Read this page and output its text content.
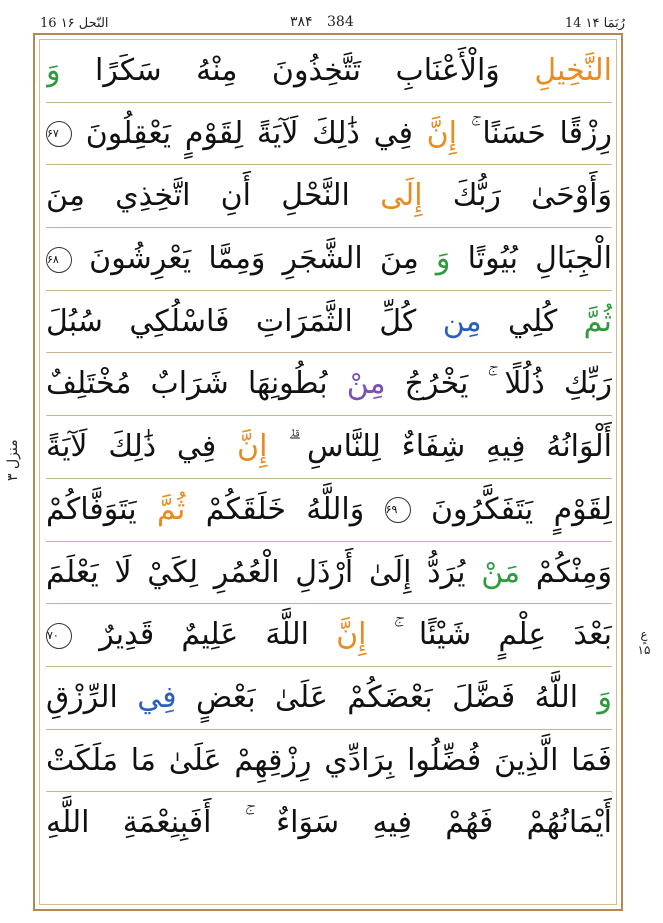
16 النّحل ۱۶	۳۸۴ 384	14 رُبَمَا ۱۴
منزل ۳
عٍ
۱۵
النَّخِيلِ وَالْأَعْنَابِ تَتَّخِذُونَ مِنْهُ سَكَرًا وَ
رِزْقًا حَسَنًا ۚ إِنَّ فِي ذَٰلِكَ لَآيَةً لِقَوْمٍ يَعْقِلُونَ ۶۷
وَأَوْحَىٰ رَبُّكَ إِلَى النَّحْلِ أَنِ اتَّخِذِي مِنَ
الْجِبَالِ بُيُوتًا وَ مِنَ الشَّجَرِ وَمِمَّا يَعْرِشُونَ ۶۸
ثُمَّ كُلِي مِن كُلِّ الثَّمَرَاتِ فَاسْلُكِي سُبُلَ
رَبِّكِ ذُلُلًا ۚ يَخْرُجُ مِنْ بُطُونِهَا شَرَابٌ مُخْتَلِفٌ
أَلْوَانُهُ فِيهِ شِفَاءٌ لِلنَّاسِ ۗ إِنَّ فِي ذَٰلِكَ لَآيَةً
لِقَوْمٍ يَتَفَكَّرُونَ ۶۹ وَاللَّهُ خَلَقَكُمْ ثُمَّ يَتَوَفَّاكُمْ
وَمِنْكُمْ مَنْ يُرَدُّ إِلَىٰ أَرْذَلِ الْعُمُرِ لِكَيْ لَا يَعْلَمَ
بَعْدَ عِلْمٍ شَيْئًا ۚ إِنَّ اللَّهَ عَلِيمٌ قَدِيرٌ ۷۰
وَ اللَّهُ فَضَّلَ بَعْضَكُمْ عَلَىٰ بَعْضٍ فِي الرِّزْقِ
فَمَا الَّذِينَ فُضِّلُوا بِرَادِّي رِزْقِهِمْ عَلَىٰ مَا مَلَكَتْ
أَيْمَانُهُمْ فَهُمْ فِيهِ سَوَاءٌ ۚ أَفَبِنِعْمَةِ اللَّهِ
